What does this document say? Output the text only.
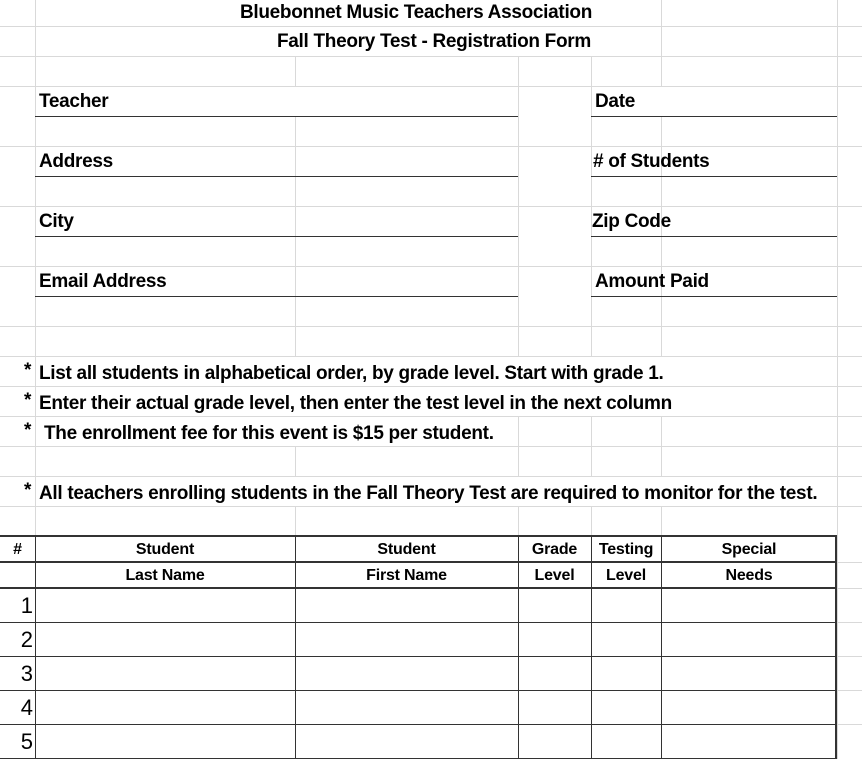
Bluebonnet Music Teachers Association
Fall Theory Test - Registration Form
Teacher
Address
City
Email Address
Date
# of Students
Zip Code
Amount Paid
* List all students in alphabetical order, by grade level. Start with grade 1.
* Enter their actual grade level, then enter the test level in the next column
* The enrollment fee for this event is $15 per student.
* All teachers enrolling students in the Fall Theory Test are required to monitor for the test.
#	Student
Last Name
Student
First Name
Grade
Level
Testing
Level
Special
Needs
1
2
3
4
5
